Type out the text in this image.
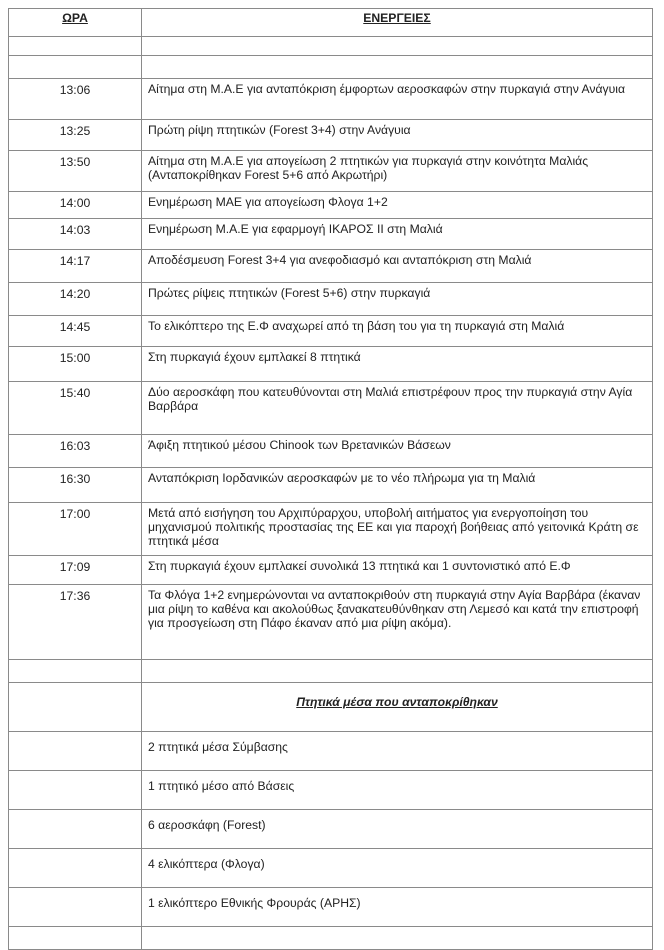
ΩΡΑ	ΕΝΕΡΓΕΙΕΣ

13:06	Αίτημα στη Μ.Α.Ε για ανταπόκριση έμφορτων αεροσκαφών στην πυρκαγιά στην Ανάγυια
13:25	Πρώτη ρίψη πτητικών (Forest 3+4) στην Ανάγυια
13:50	Αίτημα στη Μ.Α.Ε για απογείωση 2 πτητικών για πυρκαγιά στην κοινότητα Μαλιάς (Ανταποκρίθηκαν Forest 5+6 από Ακρωτήρι)
14:00	Ενημέρωση ΜΑΕ για απογείωση Φλογα 1+2
14:03	Ενημέρωση Μ.Α.Ε για εφαρμογή ΙΚΑΡΟΣ ΙΙ στη Μαλιά
14:17	Αποδέσμευση Forest 3+4 για ανεφοδιασμό και ανταπόκριση στη Μαλιά
14:20	Πρώτες ρίψεις πτητικών (Forest 5+6) στην πυρκαγιά
14:45	Το ελικόπτερο της Ε.Φ αναχωρεί από τη βάση του για τη πυρκαγιά στη Μαλιά
15:00	Στη πυρκαγιά έχουν εμπλακεί 8 πτητικά
15:40	Δύο αεροσκάφη που κατευθύνονται στη Μαλιά επιστρέφουν προς την πυρκαγιά στην Αγία Βαρβάρα
16:03	Άφιξη πτητικού μέσου Chinook των Βρετανικών Βάσεων
16:30	Ανταπόκριση Ιορδανικών αεροσκαφών με το νέο πλήρωμα για τη Μαλιά
17:00	Μετά από εισήγηση του Αρχιπύραρχου, υποβολή αιτήματος για ενεργοποίηση του μηχανισμού πολιτικής προστασίας της ΕΕ και για παροχή βοήθειας από γειτονικά Κράτη σε πτητικά μέσα
17:09	Στη πυρκαγιά έχουν εμπλακεί συνολικά 13 πτητικά και 1 συντονιστικό από Ε.Φ
17:36	Τα Φλόγα 1+2 ενημερώνονται να ανταποκριθούν στη πυρκαγιά στην Αγία Βαρβάρα (έκαναν μια ρίψη το καθένα και ακολούθως ξανακατευθύνθηκαν στη Λεμεσό και κατά την επιστροφή για προσγείωση στη Πάφο έκαναν από μια ρίψη ακόμα).

	Πτητικά μέσα που ανταποκρίθηκαν
	2 πτητικά μέσα Σύμβασης
	1 πτητικό μέσο από Βάσεις
	6 αεροσκάφη (Forest)
	4 ελικόπτερα (Φλογα)
	1 ελικόπτερο Εθνικής Φρουράς (ΑΡΗΣ)
